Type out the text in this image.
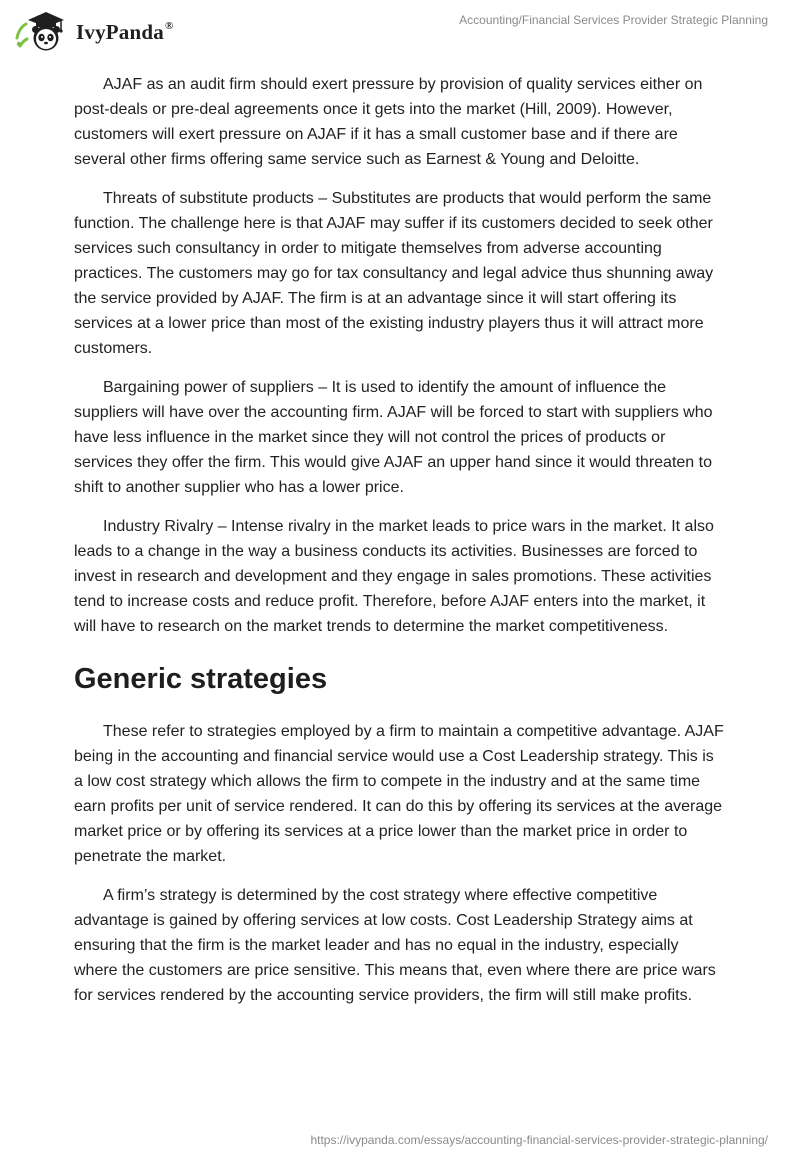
IvyPanda®	Accounting/Financial Services Provider Strategic Planning

AJAF as an audit firm should exert pressure by provision of quality services either on post-deals or pre-deal agreements once it gets into the market (Hill, 2009). However, customers will exert pressure on AJAF if it has a small customer base and if there are several other firms offering same service such as Earnest & Young and Deloitte.

Threats of substitute products – Substitutes are products that would perform the same function. The challenge here is that AJAF may suffer if its customers decided to seek other services such consultancy in order to mitigate themselves from adverse accounting practices. The customers may go for tax consultancy and legal advice thus shunning away the service provided by AJAF. The firm is at an advantage since it will start offering its services at a lower price than most of the existing industry players thus it will attract more customers.

Bargaining power of suppliers – It is used to identify the amount of influence the suppliers will have over the accounting firm. AJAF will be forced to start with suppliers who have less influence in the market since they will not control the prices of products or services they offer the firm. This would give AJAF an upper hand since it would threaten to shift to another supplier who has a lower price.

Industry Rivalry – Intense rivalry in the market leads to price wars in the market. It also leads to a change in the way a business conducts its activities. Businesses are forced to invest in research and development and they engage in sales promotions. These activities tend to increase costs and reduce profit. Therefore, before AJAF enters into the market, it will have to research on the market trends to determine the market competitiveness.

Generic strategies

These refer to strategies employed by a firm to maintain a competitive advantage. AJAF being in the accounting and financial service would use a Cost Leadership strategy. This is a low cost strategy which allows the firm to compete in the industry and at the same time earn profits per unit of service rendered. It can do this by offering its services at the average market price or by offering its services at a price lower than the market price in order to penetrate the market.

A firm’s strategy is determined by the cost strategy where effective competitive advantage is gained by offering services at low costs. Cost Leadership Strategy aims at ensuring that the firm is the market leader and has no equal in the industry, especially where the customers are price sensitive. This means that, even where there are price wars for services rendered by the accounting service providers, the firm will still make profits.

https://ivypanda.com/essays/accounting-financial-services-provider-strategic-planning/
